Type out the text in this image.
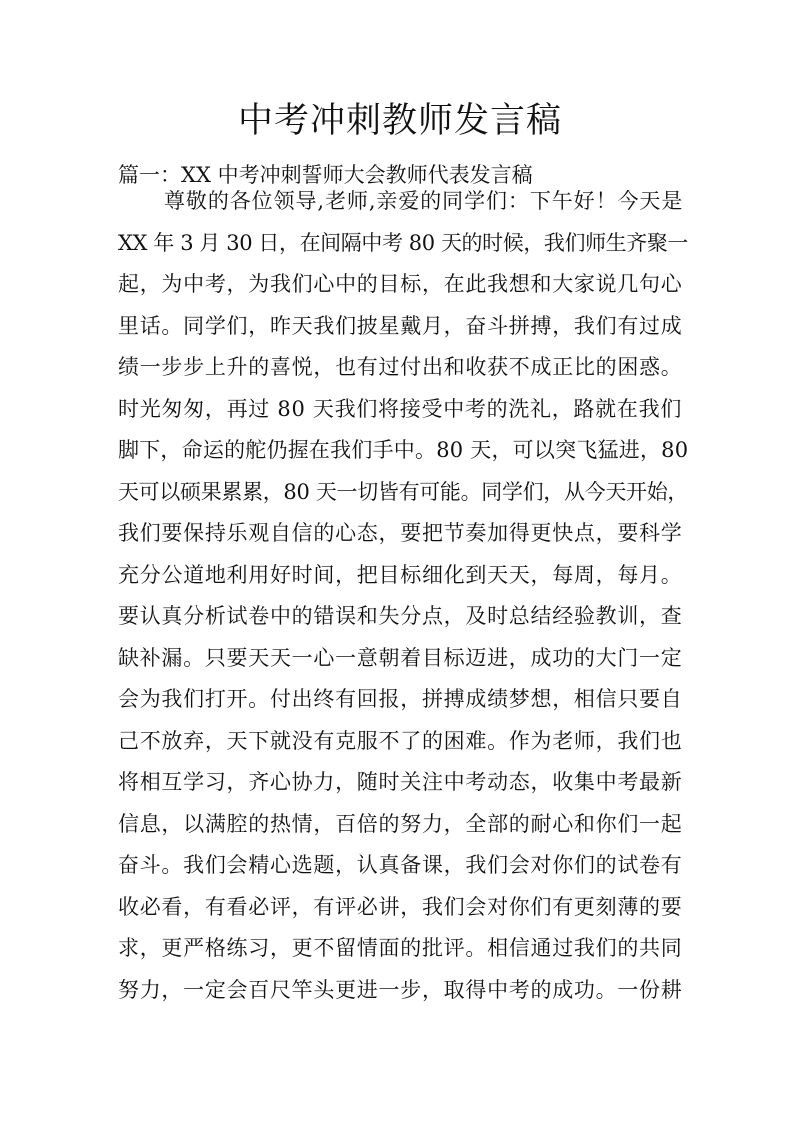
中考冲刺教师发言稿
篇一：XX 中考冲刺誓师大会教师代表发言稿
尊敬的各位领导,老师,亲爱的同学们：下午好！今天是
XX 年 3 月 30 日，在间隔中考 80 天的时候，我们师生齐聚一
起，为中考，为我们心中的目标，在此我想和大家说几句心
里话。同学们，昨天我们披星戴月，奋斗拼搏，我们有过成
绩一步步上升的喜悦，也有过付出和收获不成正比的困惑。
时光匆匆，再过 80 天我们将接受中考的洗礼，路就在我们
脚下，命运的舵仍握在我们手中。80 天，可以突飞猛进，80
天可以硕果累累，80 天一切皆有可能。同学们，从今天开始，
我们要保持乐观自信的心态，要把节奏加得更快点，要科学
充分公道地利用好时间，把目标细化到天天，每周，每月。
要认真分析试卷中的错误和失分点，及时总结经验教训，查
缺补漏。只要天天一心一意朝着目标迈进，成功的大门一定
会为我们打开。付出终有回报，拼搏成绩梦想，相信只要自
己不放弃，天下就没有克服不了的困难。作为老师，我们也
将相互学习，齐心协力，随时关注中考动态，收集中考最新
信息，以满腔的热情，百倍的努力，全部的耐心和你们一起
奋斗。我们会精心选题，认真备课，我们会对你们的试卷有
收必看，有看必评，有评必讲，我们会对你们有更刻薄的要
求，更严格练习，更不留情面的批评。相信通过我们的共同
努力，一定会百尺竿头更进一步，取得中考的成功。一份耕
